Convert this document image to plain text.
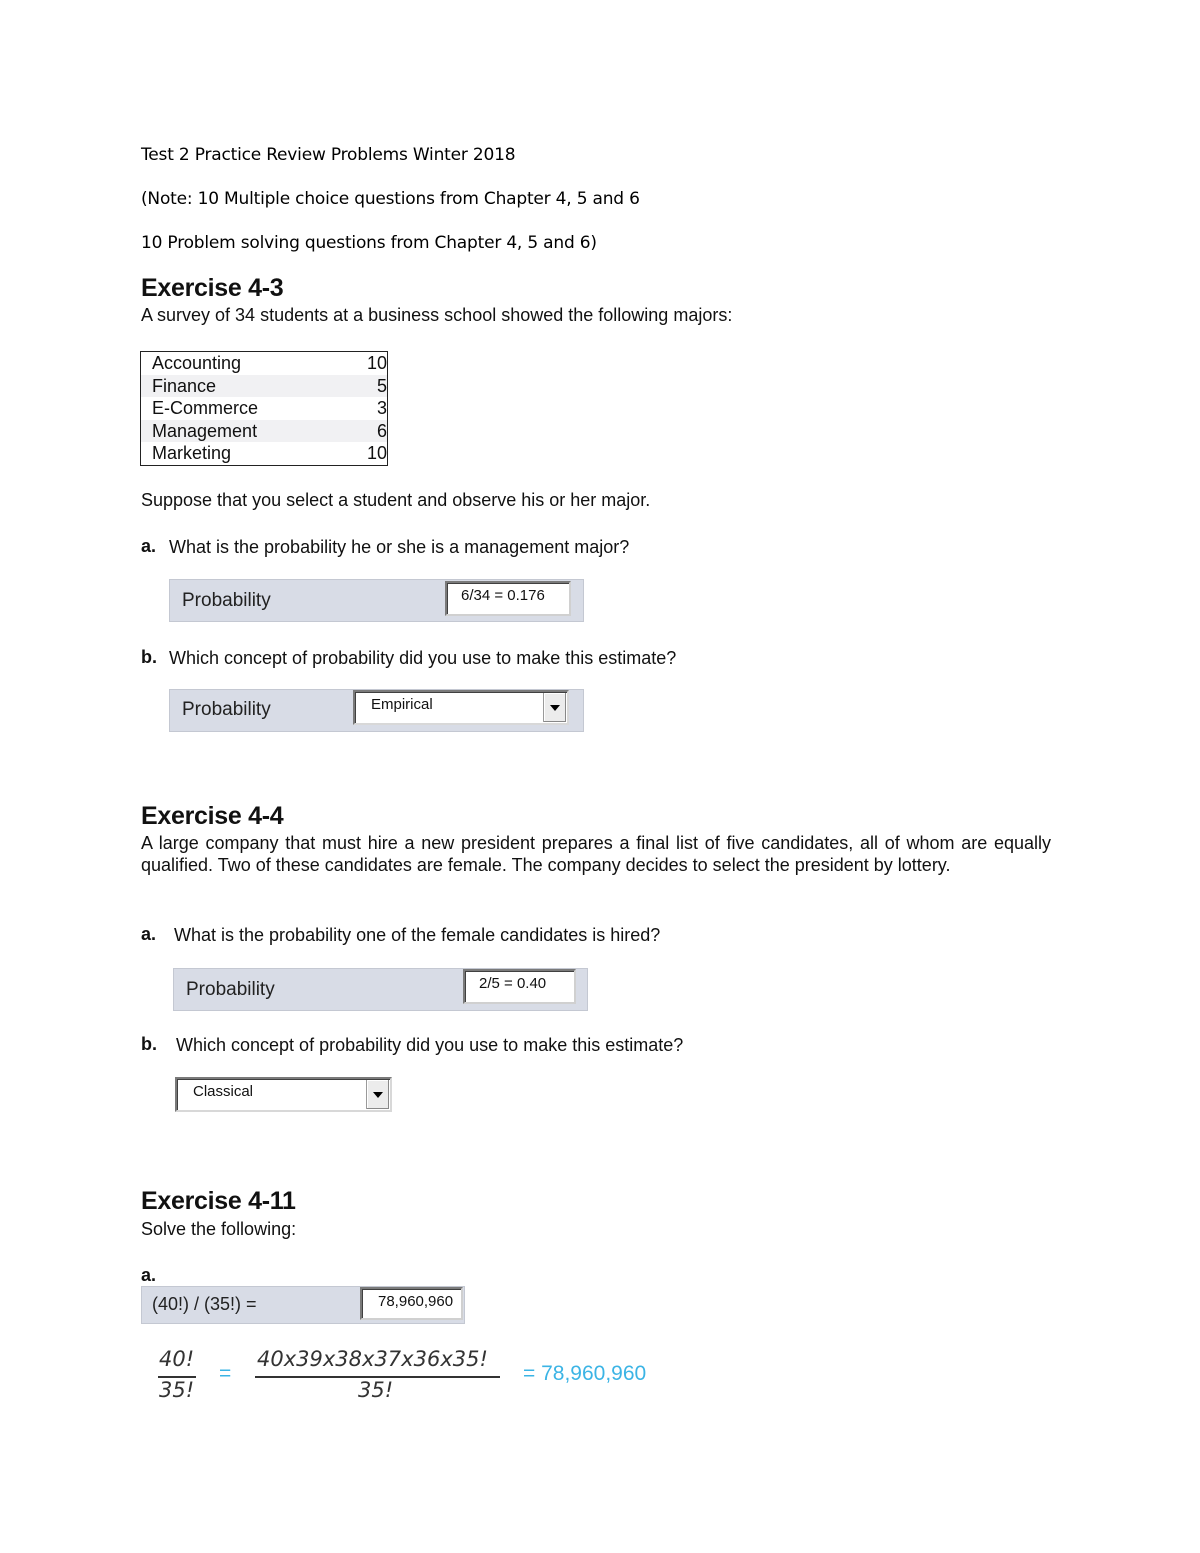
Test 2 Practice Review Problems Winter 2018
(Note: 10 Multiple choice questions from Chapter 4, 5 and 6
10 Problem solving questions from Chapter 4, 5 and 6)
Exercise 4-3
A survey of 34 students at a business school showed the following majors:
Accounting	10
Finance	5
E-Commerce	3
Management	6
Marketing	10
Suppose that you select a student and observe his or her major.
a. What is the probability he or she is a management major?
Probability	6/34 = 0.176
b. Which concept of probability did you use to make this estimate?
Probability	Empirical
Exercise 4-4
A large company that must hire a new president prepares a final list of five candidates, all of whom are equally qualified. Two of these candidates are female. The company decides to select the president by lottery.
a. What is the probability one of the female candidates is hired?
Probability	2/5 = 0.40
b. Which concept of probability did you use to make this estimate?
Classical
Exercise 4-11
Solve the following:
a.
(40!) / (35!) =	78,960,960
40!
35!
=
40x39x38x37x36x35!
35!
= 78,960,960
